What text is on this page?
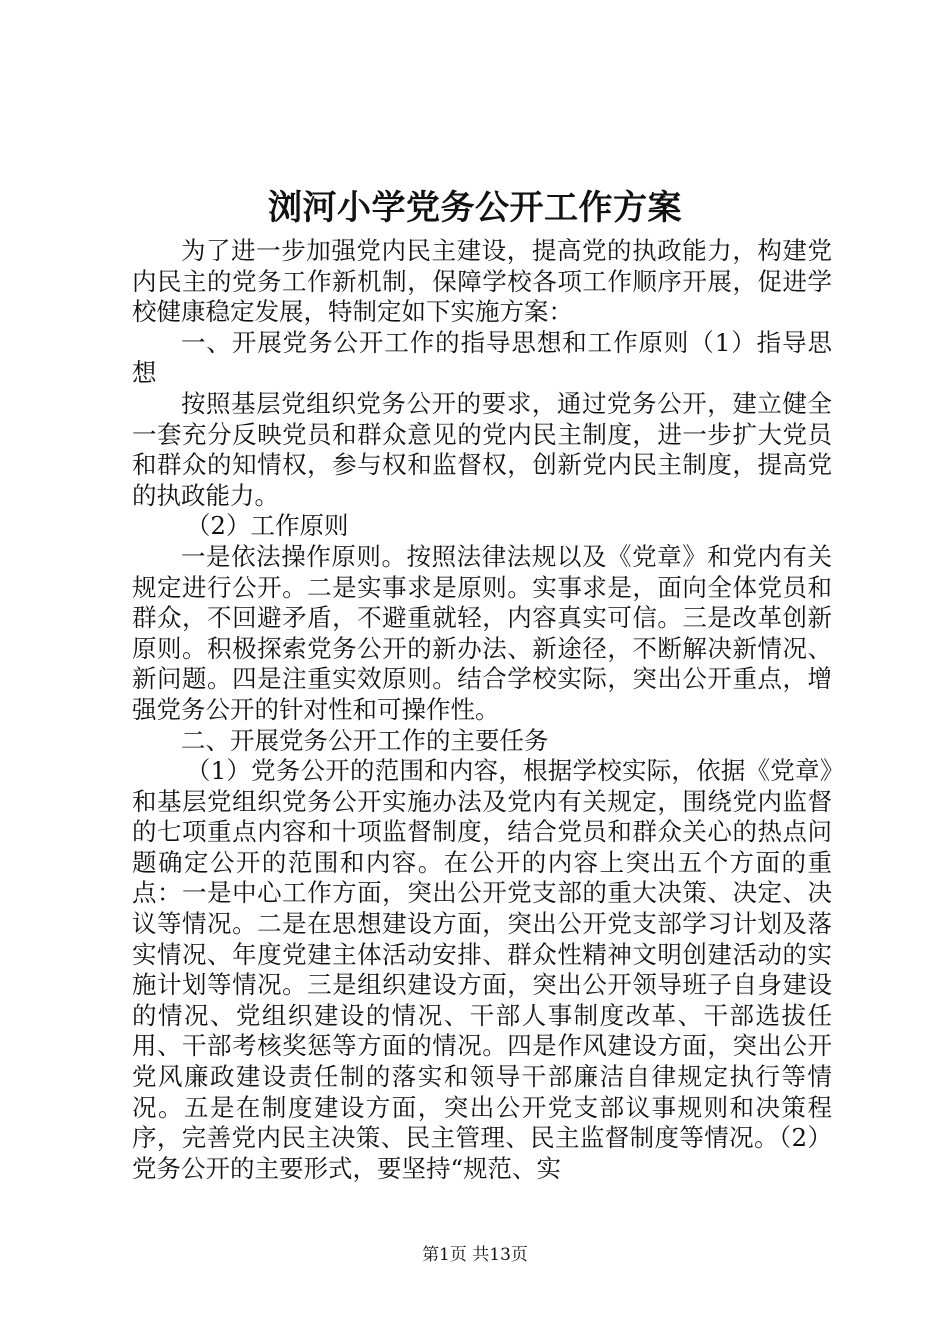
浏河小学党务公开工作方案

为了进一步加强党内民主建设，提高党的执政能力，构建党内民主的党务工作新机制，保障学校各项工作顺序开展，促进学校健康稳定发展，特制定如下实施方案：

一、开展党务公开工作的指导思想和工作原则（1）指导思想

按照基层党组织党务公开的要求，通过党务公开，建立健全一套充分反映党员和群众意见的党内民主制度，进一步扩大党员和群众的知情权，参与权和监督权，创新党内民主制度，提高党的执政能力。

（2）工作原则

一是依法操作原则。按照法律法规以及《党章》和党内有关规定进行公开。二是实事求是原则。实事求是，面向全体党员和群众，不回避矛盾，不避重就轻，内容真实可信。三是改革创新原则。积极探索党务公开的新办法、新途径，不断解决新情况、新问题。四是注重实效原则。结合学校实际，突出公开重点，增强党务公开的针对性和可操作性。

二、开展党务公开工作的主要任务

（1）党务公开的范围和内容，根据学校实际，依据《党章》和基层党组织党务公开实施办法及党内有关规定，围绕党内监督的七项重点内容和十项监督制度，结合党员和群众关心的热点问题确定公开的范围和内容。在公开的内容上突出五个方面的重点：一是中心工作方面，突出公开党支部的重大决策、决定、决议等情况。二是在思想建设方面，突出公开党支部学习计划及落实情况、年度党建主体活动安排、群众性精神文明创建活动的实施计划等情况。三是组织建设方面，突出公开领导班子自身建设的情况、党组织建设的情况、干部人事制度改革、干部选拔任用、干部考核奖惩等方面的情况。四是作风建设方面，突出公开党风廉政建设责任制的落实和领导干部廉洁自律规定执行等情况。五是在制度建设方面，突出公开党支部议事规则和决策程序，完善党内民主决策、民主管理、民主监督制度等情况。（2）党务公开的主要形式，要坚持“规范、实

第1页 共13页
